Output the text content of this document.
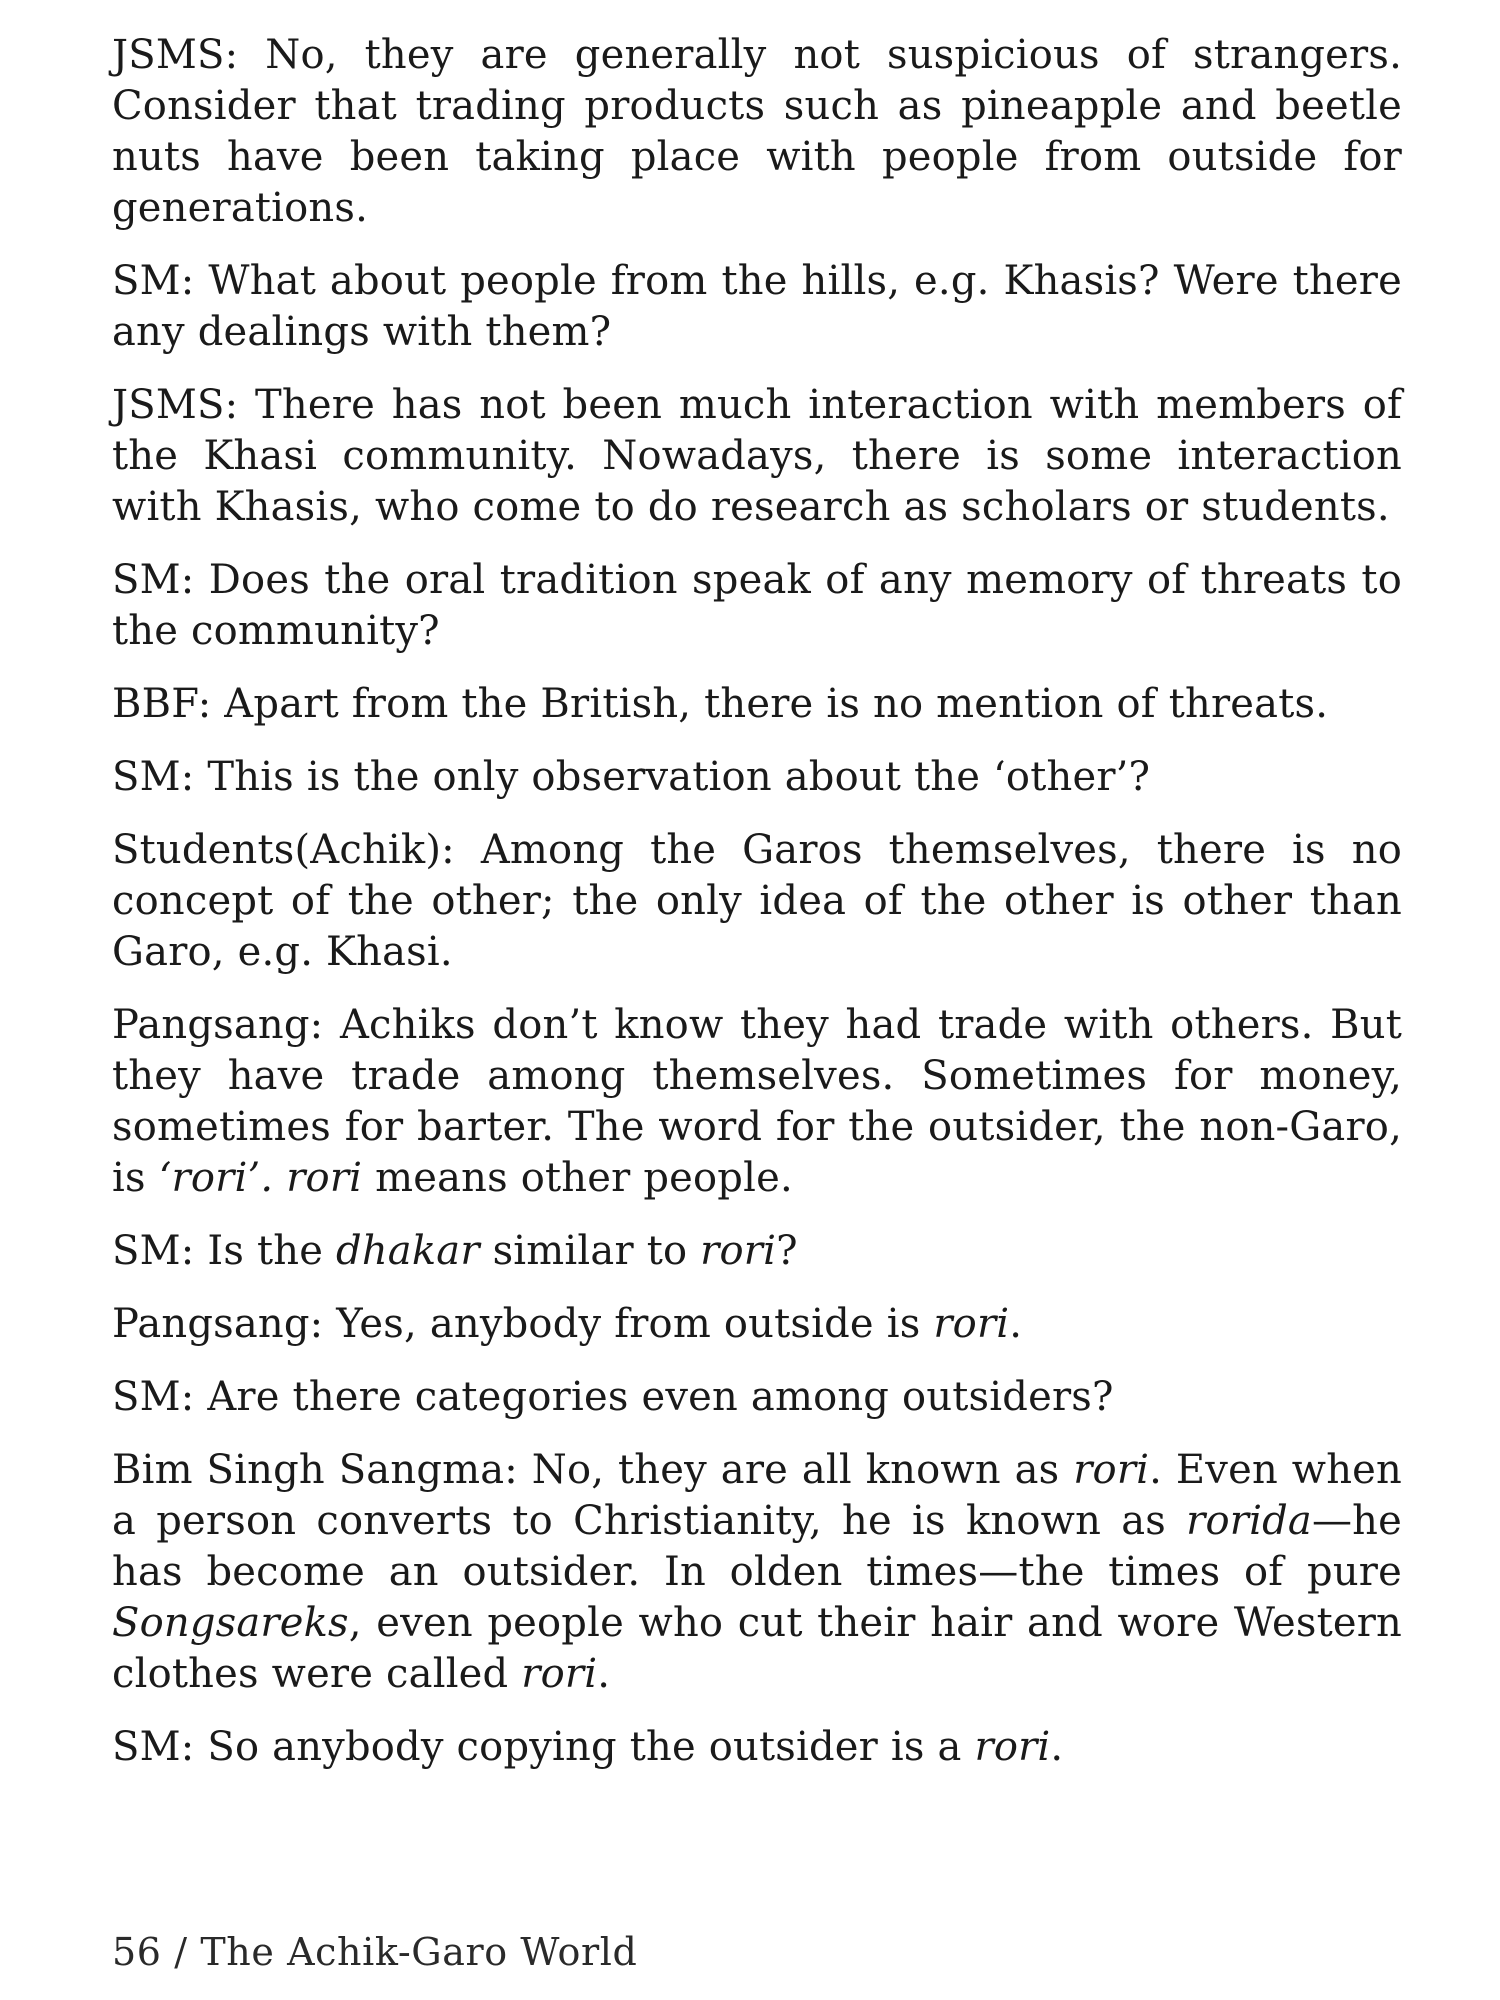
JSMS: No, they are generally not suspicious of strangers. Consider that trading products such as pineapple and beetle nuts have been taking place with people from outside for generations.

SM: What about people from the hills, e.g. Khasis? Were there any dealings with them?

JSMS: There has not been much interaction with members of the Khasi community. Nowadays, there is some interaction with Khasis, who come to do research as scholars or students.

SM: Does the oral tradition speak of any memory of threats to the community?

BBF: Apart from the British, there is no mention of threats.

SM: This is the only observation about the ‘other’?

Students(Achik): Among the Garos themselves, there is no concept of the other; the only idea of the other is other than Garo, e.g. Khasi.

Pangsang: Achiks don’t know they had trade with others. But they have trade among themselves. Sometimes for money, sometimes for barter. The word for the outsider, the non-Garo, is ‘rori’. rori means other people.

SM: Is the dhakar similar to rori?

Pangsang: Yes, anybody from outside is rori.

SM: Are there categories even among outsiders?

Bim Singh Sangma: No, they are all known as rori. Even when a person converts to Christianity, he is known as rorida—he has become an outsider. In olden times—the times of pure Songsareks, even people who cut their hair and wore Western clothes were called rori.

SM: So anybody copying the outsider is a rori.

56 / The Achik-Garo World
